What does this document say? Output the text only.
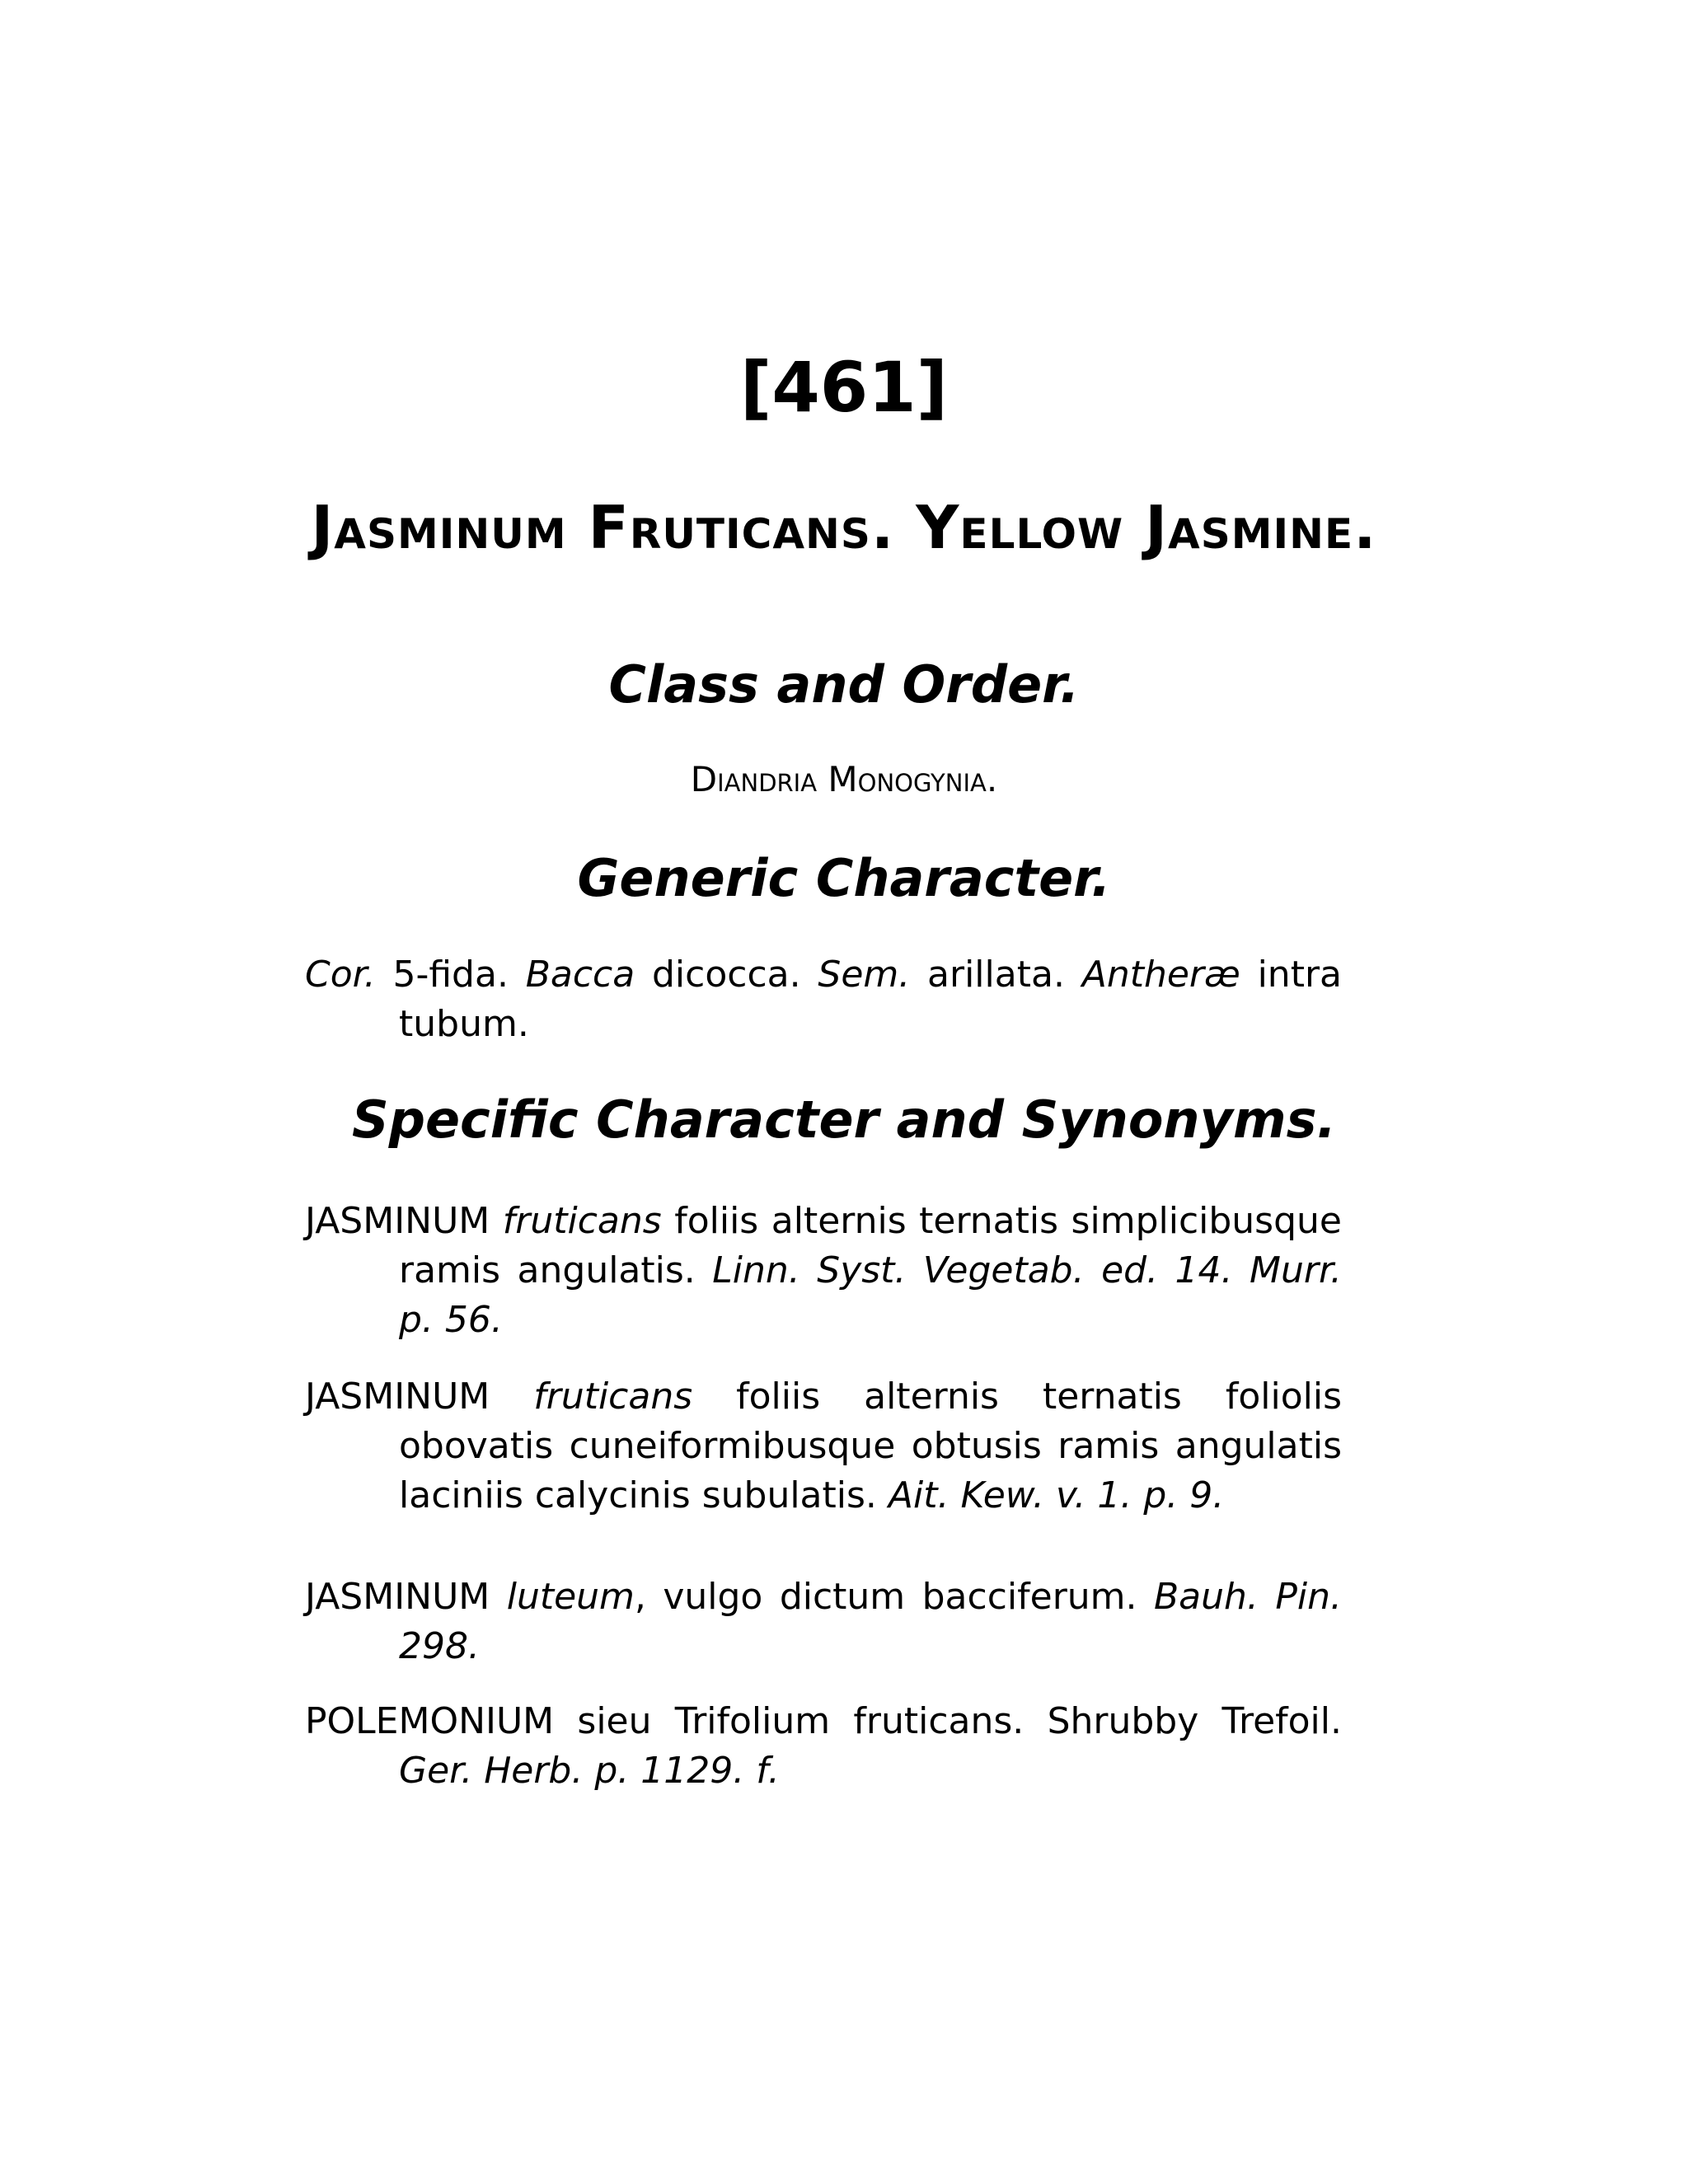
[461]
Jasminum Fruticans. Yellow Jasmine.
Class and Order.
Diandria Monogynia.
Generic Character.

Cor. 5-fida. Bacca dicocca. Sem. arillata. Antheræ intra tubum.

Specific Character and Synonyms.

JASMINUM fruticans foliis alternis ternatis simplicibusque ramis angulatis. Linn. Syst. Vegetab. ed. 14. Murr. p. 56.

JASMINUM fruticans foliis alternis ternatis foliolis obovatis cuneiformibusque obtusis ramis angulatis laciniis calycinis subulatis. Ait. Kew. v. 1. p. 9.

JASMINUM luteum, vulgo dictum bacciferum. Bauh. Pin. 298.

POLEMONIUM sieu Trifolium fruticans. Shrubby Trefoil. Ger. Herb. p. 1129. f.
